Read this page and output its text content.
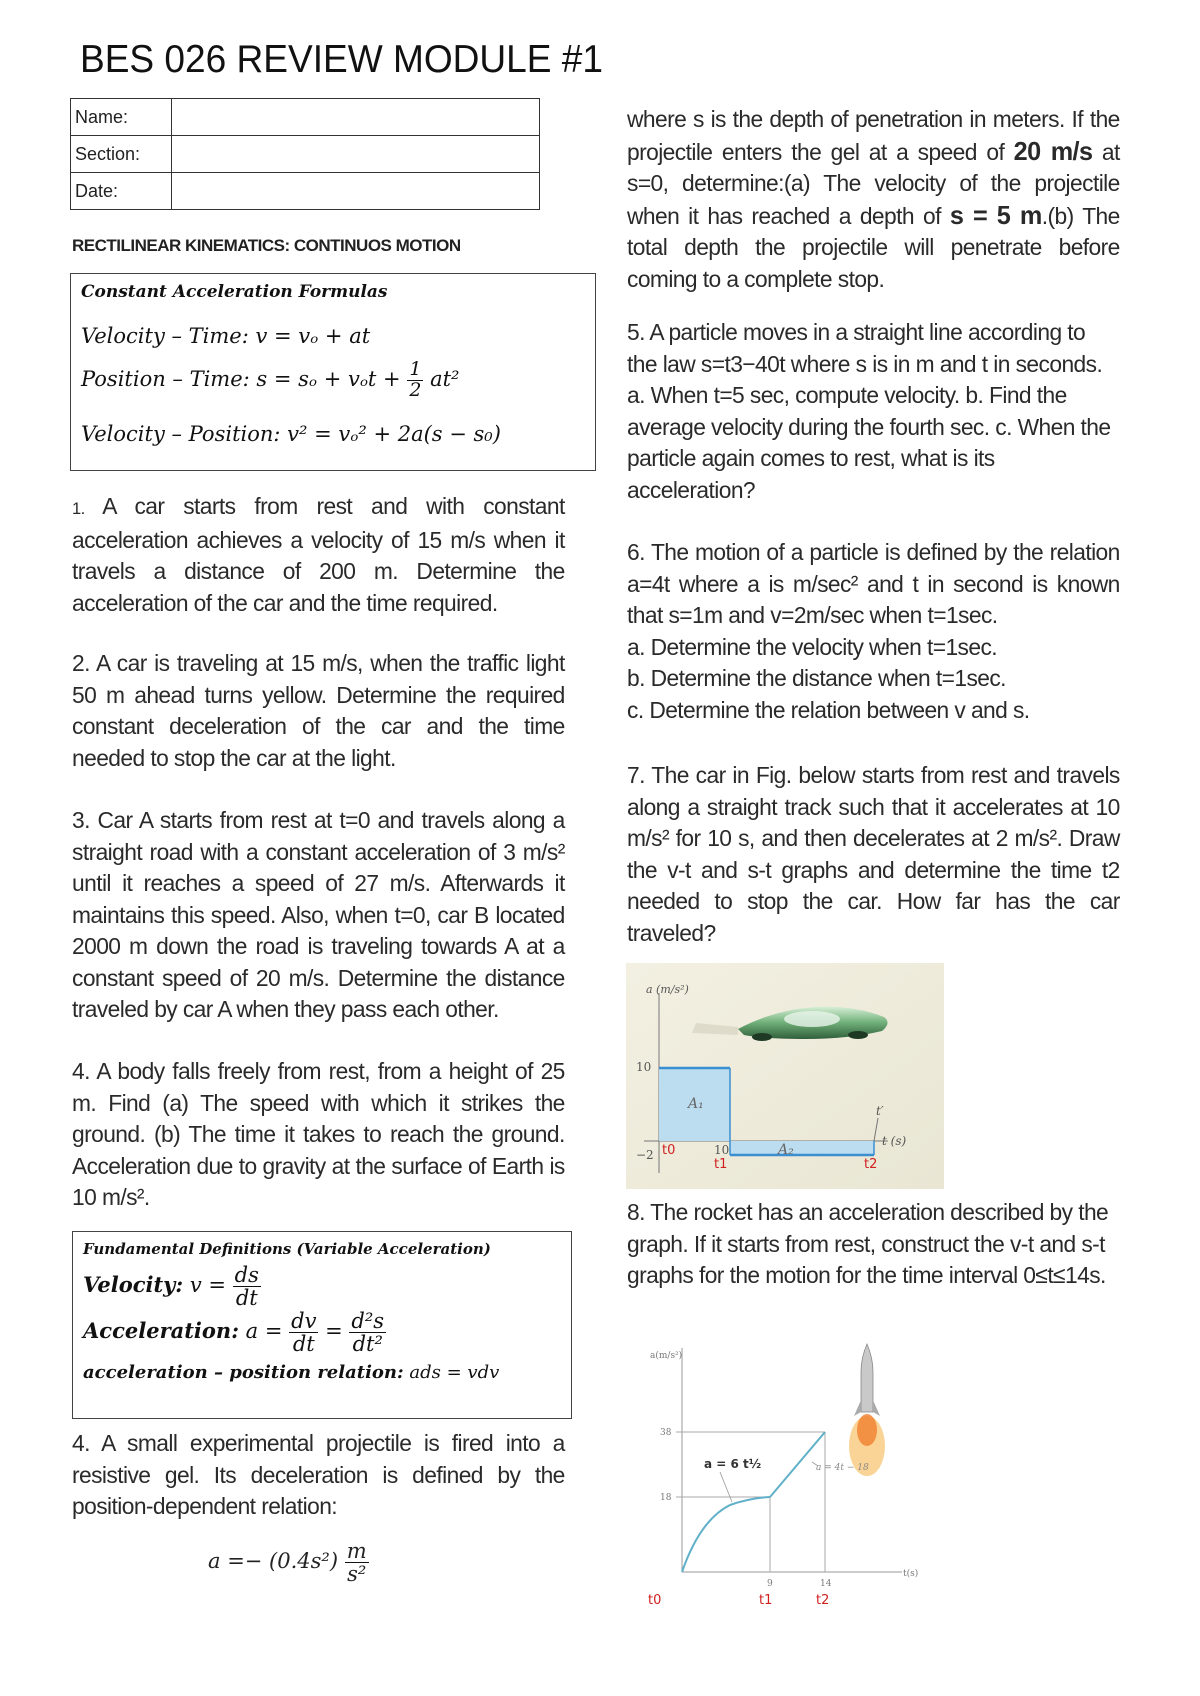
BES 026 REVIEW MODULE #1
Name:	
Section:	
Date:	
RECTILINEAR KINEMATICS: CONTINUOS MOTION
Constant Acceleration Formulas
Velocity – Time: v = vₒ + at
Position – Time: $s = s_o + v_ot + \frac{1}{2} at^2$
Velocity – Position: v² = vₒ² + 2a(s − s₀)
1. A car starts from rest and with constant acceleration achieves a velocity of 15 m/s when it travels a distance of 200 m. Determine the acceleration of the car and the time required.
2. A car is traveling at 15 m/s, when the traffic light 50 m ahead turns yellow. Determine the required constant deceleration of the car and the time needed to stop the car at the light.
3. Car A starts from rest at t=0 and travels along a straight road with a constant acceleration of 3 m/s² until it reaches a speed of 27 m/s. Afterwards it maintains this speed. Also, when t=0, car B located 2000 m down the road is traveling towards A at a constant speed of 20 m/s. Determine the distance traveled by car A when they pass each other.
4. A body falls freely from rest, from a height of 25 m. Find (a) The speed with which it strikes the ground. (b) The time it takes to reach the ground. Acceleration due to gravity at the surface of Earth is 10 m/s².
Fundamental Definitions (Variable Acceleration)
Velocity: $v = \frac{ds}{dt}$
Acceleration: $a = \frac{dv}{dt} = \frac{\text{d²s}}{\text{dt²}}$
acceleration – position relation: ads = vdv
4. A small experimental projectile is fired into a resistive gel. Its deceleration is defined by the position-dependent relation:
$a =- (0.4s^2) \frac{m}{\text{s²}}$
where s is the depth of penetration in meters. If the projectile enters the gel at a speed of 20 m/s at s=0, determine:(a) The velocity of the projectile when it has reached a depth of s = 5 m.(b) The total depth the projectile will penetrate before coming to a complete stop.
5. A particle moves in a straight line according to the law s=t3−40t where s is in m and t in seconds.
a. When t=5 sec, compute velocity. b. Find the average velocity during the fourth sec. c. When the particle again comes to rest, what is its acceleration?
6. The motion of a particle is defined by the relation a=4t where a is m/sec² and t in second is known that s=1m and v=2m/sec when t=1sec.
a. Determine the velocity when t=1sec.
b. Determine the distance when t=1sec.
c. Determine the relation between v and s.
7. The car in Fig. below starts from rest and travels along a straight track such that it accelerates at 10 m/s² for 10 s, and then decelerates at 2 m/s². Draw the v-t and s-t graphs and determine the time t2 needed to stop the car. How far has the car traveled?
a (m/s²)
t (s)
10
−2	10
A₁
A₂
t′
t0
t1	t2
8. The rocket has an acceleration described by the graph. If it starts from rest, construct the v-t and s-t graphs for the motion for the time interval 0≤t≤14s.
a(m/s²)
t(s)
38
18
9	14
a = 6 t½	a = 4t − 18
t0	t1	t2
